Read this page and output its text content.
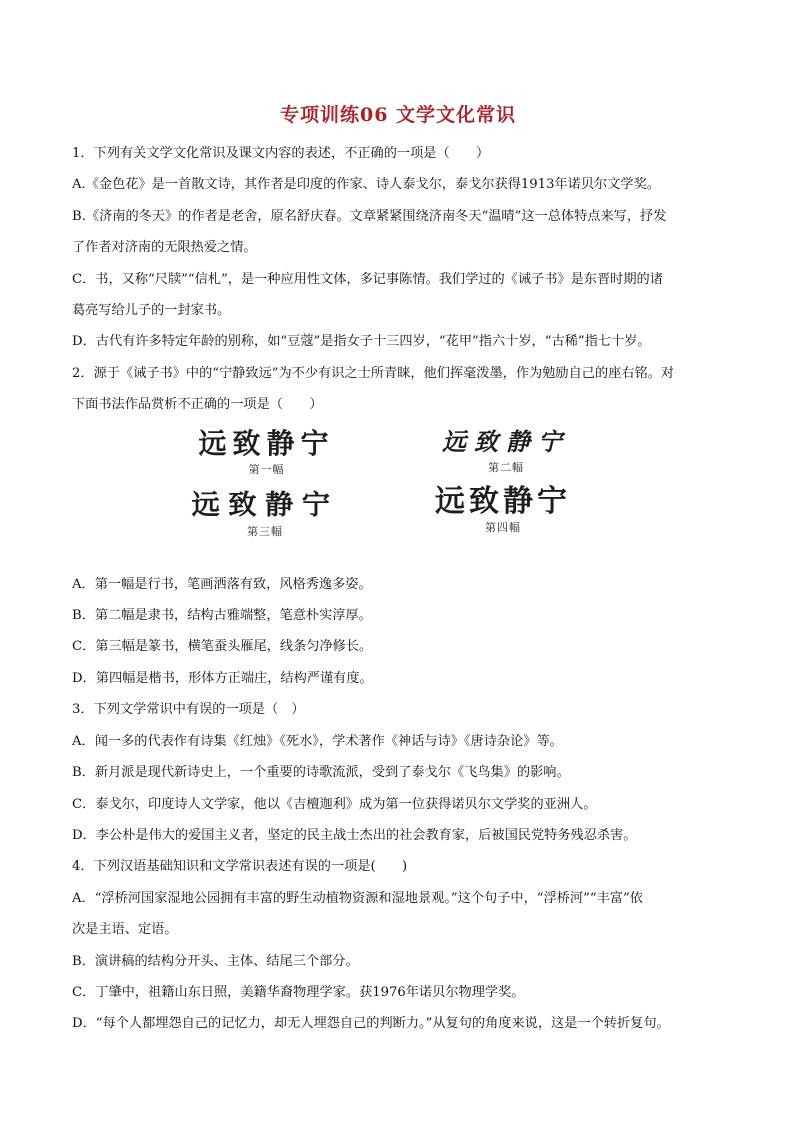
专项训练06 文学文化常识

1．下列有关文学文化常识及课文内容的表述，不正确的一项是（　　）

A.《金色花》是一首散文诗，其作者是印度的作家、诗人泰戈尔，泰戈尔获得1913年诺贝尔文学奖。

B.《济南的冬天》的作者是老舍，原名舒庆春。文章紧紧围绕济南冬天“温晴”这一总体特点来写，抒发

了作者对济南的无限热爱之情。

C．书，又称“尺牍”“信札”，是一种应用性文体，多记事陈情。我们学过的《诫子书》是东晋时期的诸

葛亮写给儿子的一封家书。

D．古代有许多特定年龄的别称，如“豆蔻”是指女子十三四岁，“花甲”指六十岁，“古稀”指七十岁。

2．源于《诫子书》中的“宁静致远”为不少有识之士所青睐，他们挥毫泼墨，作为勉励自己的座右铭。对

下面书法作品赏析不正确的一项是（　　）

远致静宁
第一幅
远致静宁
第二幅
远致静宁
第三幅
远致静宁
第四幅

A．第一幅是行书，笔画洒落有致，风格秀逸多姿。

B．第二幅是隶书，结构古雅端整，笔意朴实淳厚。

C．第三幅是篆书，横笔蚕头雁尾，线条匀净修长。

D．第四幅是楷书，形体方正端庄，结构严谨有度。

3．下列文学常识中有误的一项是（　）

A．闻一多的代表作有诗集《红烛》《死水》，学术著作《神话与诗》《唐诗杂论》等。

B．新月派是现代新诗史上，一个重要的诗歌流派，受到了泰戈尔《飞鸟集》的影响。

C．泰戈尔，印度诗人文学家，他以《吉檀迦利》成为第一位获得诺贝尔文学奖的亚洲人。

D．李公朴是伟大的爱国主义者，坚定的民主战士杰出的社会教育家，后被国民党特务残忍杀害。

4．下列汉语基础知识和文学常识表述有误的一项是(　　)

A．“浮桥河国家湿地公园拥有丰富的野生动植物资源和湿地景观。”这个句子中，“浮桥河”“丰富”依

次是主语、定语。

B．演讲稿的结构分开头、主体、结尾三个部分。

C．丁肇中，祖籍山东日照，美籍华裔物理学家。获1976年诺贝尔物理学奖。

D．“每个人都埋怨自己的记忆力，却无人埋怨自己的判断力。”从复句的角度来说，这是一个转折复句。
